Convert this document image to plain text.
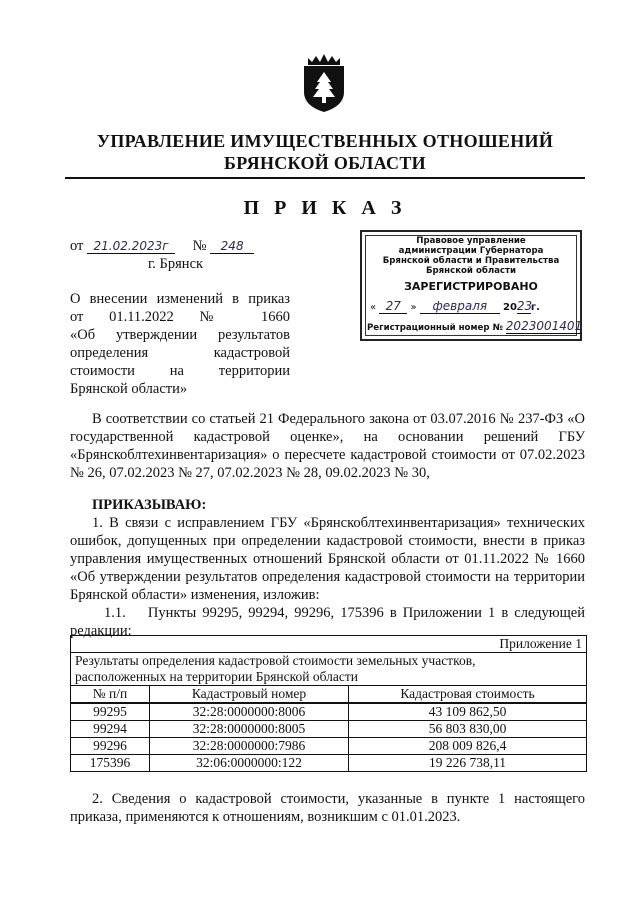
УПРАВЛЕНИЕ ИМУЩЕСТВЕННЫХ ОТНОШЕНИЙ
БРЯНСКОЙ ОБЛАСТИ
П Р И К А З
от 21.02.2023г № 248
г. Брянск
Правовое управление
администрации Губернатора
Брянской области и Правительства
Брянской области
ЗАРЕГИСТРИРОВАНО
« 27 » февраля 2023г.
Регистрационный номер № 2023001401
О внесении изменений в приказ
от 01.11.2022 № 1660
«Об утверждении результатов
определения кадастровой
стоимости на территории
Брянской области»
В соответствии со статьей 21 Федерального закона от 03.07.2016 № 237-ФЗ «О государственной кадастровой оценке», на основании решений ГБУ «Брянскоблтехинвентаризация» о пересчете кадастровой стоимости от 07.02.2023 № 26, 07.02.2023 № 27, 07.02.2023 № 28, 09.02.2023 № 30,
ПРИКАЗЫВАЮ:
1. В связи с исправлением ГБУ «Брянскоблтехинвентаризация» технических ошибок, допущенных при определении кадастровой стоимости, внести в приказ управления имущественных отношений Брянской области от 01.11.2022 № 1660 «Об утверждении результатов определения кадастровой стоимости на территории Брянской области» изменения, изложив:
1.1. Пункты 99295, 99294, 99296, 175396 в Приложении 1 в следующей редакции:
Приложение 1		

Результаты определения кадастровой стоимости земельных участков,
расположенных на территории Брянской области		

№ п/п	Кадастровый номер	Кадастровая стоимость
99295	32:28:0000000:8006	43 109 862,50
99294	32:28:0000000:8005	56 803 830,00
99296	32:28:0000000:7986	208 009 826,4
175396	32:06:0000000:122	19 226 738,11
2. Сведения о кадастровой стоимости, указанные в пункте 1 настоящего приказа, применяются к отношениям, возникшим с 01.01.2023.
